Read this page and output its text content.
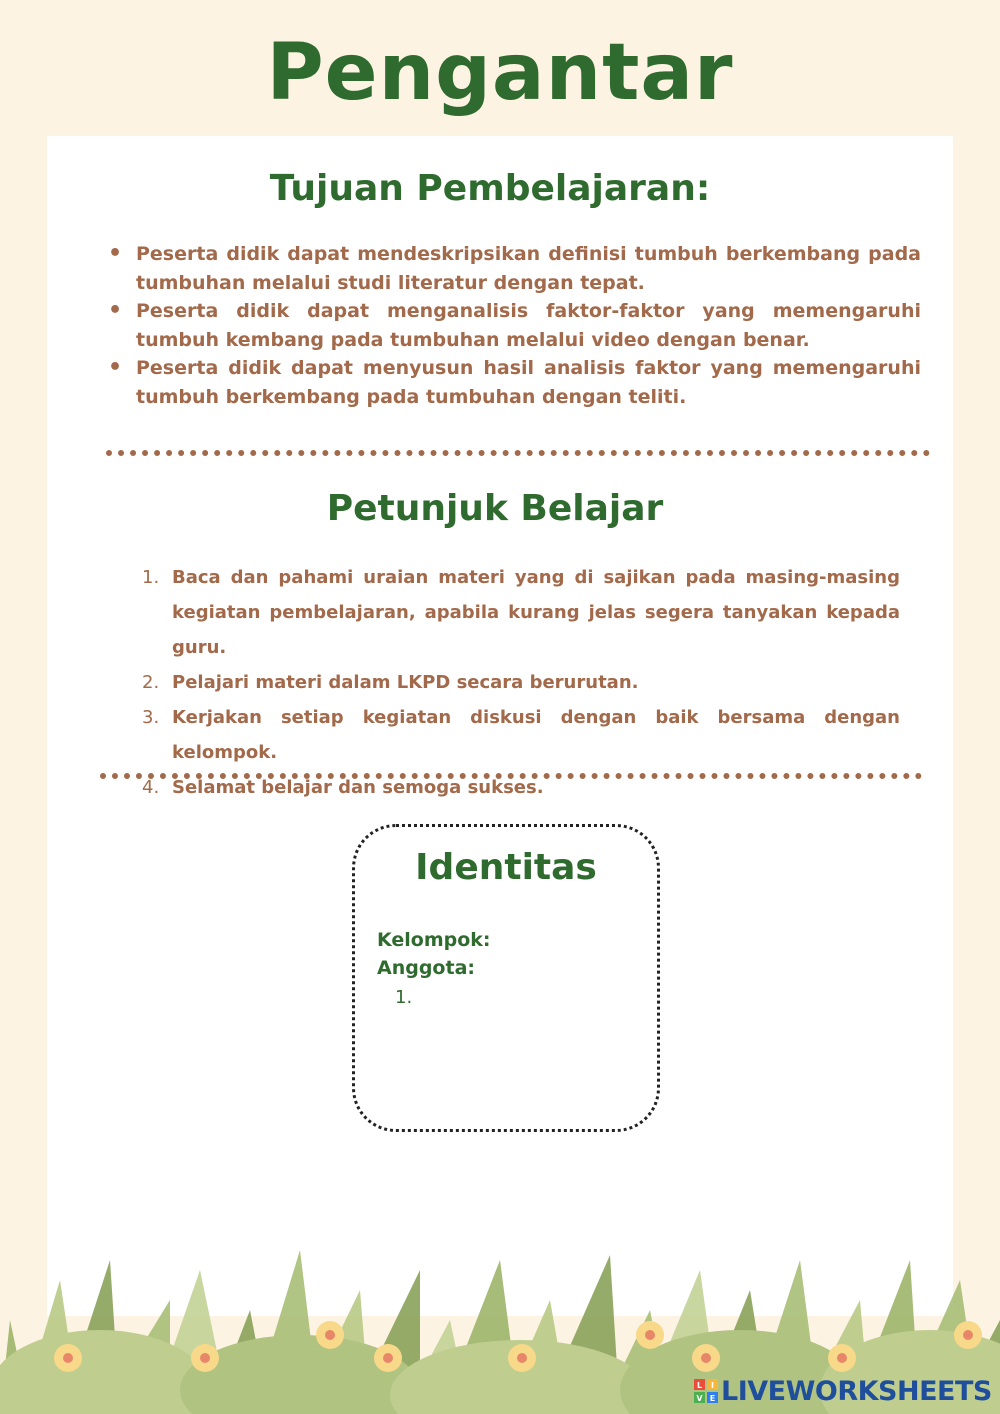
Pengantar
Tujuan Pembelajaran:
• Peserta didik dapat mendeskripsikan definisi tumbuh berkembang pada tumbuhan melalui studi literatur dengan tepat.
• Peserta didik dapat menganalisis faktor-faktor yang memengaruhi tumbuh kembang pada tumbuhan melalui video dengan benar.
• Peserta didik dapat menyusun hasil analisis faktor yang memengaruhi tumbuh berkembang pada tumbuhan dengan teliti.
Petunjuk Belajar
1. Baca dan pahami uraian materi yang di sajikan pada masing-masing kegiatan pembelajaran, apabila kurang jelas segera tanyakan kepada guru.
2. Pelajari materi dalam LKPD secara berurutan.
3. Kerjakan setiap kegiatan diskusi dengan baik bersama dengan kelompok.
4. Selamat belajar dan semoga sukses.
Identitas
Kelompok:
Anggota:
1.
L I
V E LIVEWORKSHEETS
